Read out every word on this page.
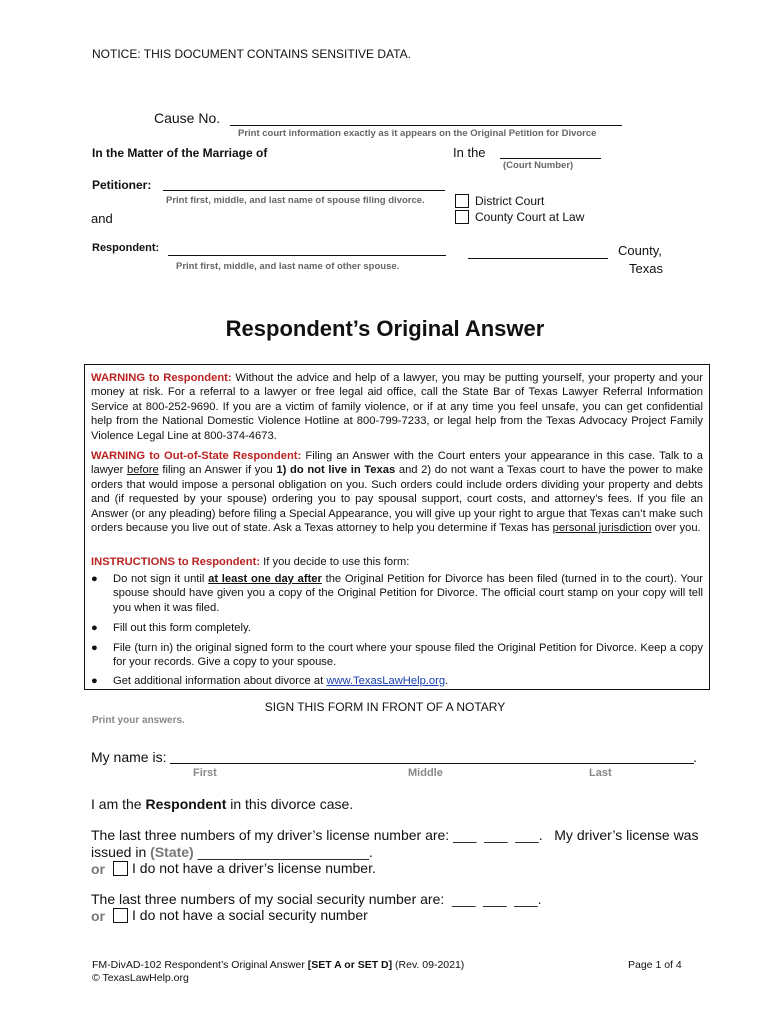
NOTICE: THIS DOCUMENT CONTAINS SENSITIVE DATA.
Cause No.
Print court information exactly as it appears on the Original Petition for Divorce
In the Matter of the Marriage of	In the
(Court Number)
Petitioner:
Print first, middle, and last name of spouse filing divorce.	District Court
County Court at Law
and
Respondent:
Print first, middle, and last name of other spouse.
County,
Texas
Respondent’s Original Answer
WARNING to Respondent: Without the advice and help of a lawyer, you may be putting yourself, your property and your money at risk. For a referral to a lawyer or free legal aid office, call the State Bar of Texas Lawyer Referral Information Service at 800-252-9690. If you are a victim of family violence, or if at any time you feel unsafe, you can get confidential help from the National Domestic Violence Hotline at 800-799-7233, or legal help from the Texas Advocacy Project Family Violence Legal Line at 800-374-4673.
WARNING to Out-of-State Respondent: Filing an Answer with the Court enters your appearance in this case. Talk to a lawyer before filing an Answer if you 1) do not live in Texas and 2) do not want a Texas court to have the power to make orders that would impose a personal obligation on you. Such orders could include orders dividing your property and debts and (if requested by your spouse) ordering you to pay spousal support, court costs, and attorney’s fees. If you file an Answer (or any pleading) before filing a Special Appearance, you will give up your right to argue that Texas can’t make such orders because you live out of state. Ask a Texas attorney to help you determine if Texas has personal jurisdiction over you.
INSTRUCTIONS to Respondent: If you decide to use this form:
● Do not sign it until at least one day after the Original Petition for Divorce has been filed (turned in to the court). Your spouse should have given you a copy of the Original Petition for Divorce. The official court stamp on your copy will tell you when it was filed.
● Fill out this form completely.
● File (turn in) the original signed form to the court where your spouse filed the Original Petition for Divorce. Keep a copy for your records. Give a copy to your spouse.
● Get additional information about divorce at www.TexasLawHelp.org.
SIGN THIS FORM IN FRONT OF A NOTARY
Print your answers.
My name is:	.
First	Middle	Last
I am the Respondent in this divorce case.
The last three numbers of my driver’s license number are: ___  ___  ___.   My driver’s license was
issued in (State) ______________________.
or I do not have a driver’s license number.
The last three numbers of my social security number are:  ___  ___  ___.
or I do not have a social security number
FM-DivAD-102 Respondent’s Original Answer [SET A or SET D] (Rev. 09-2021)
© TexasLawHelp.org
Page 1 of 4
